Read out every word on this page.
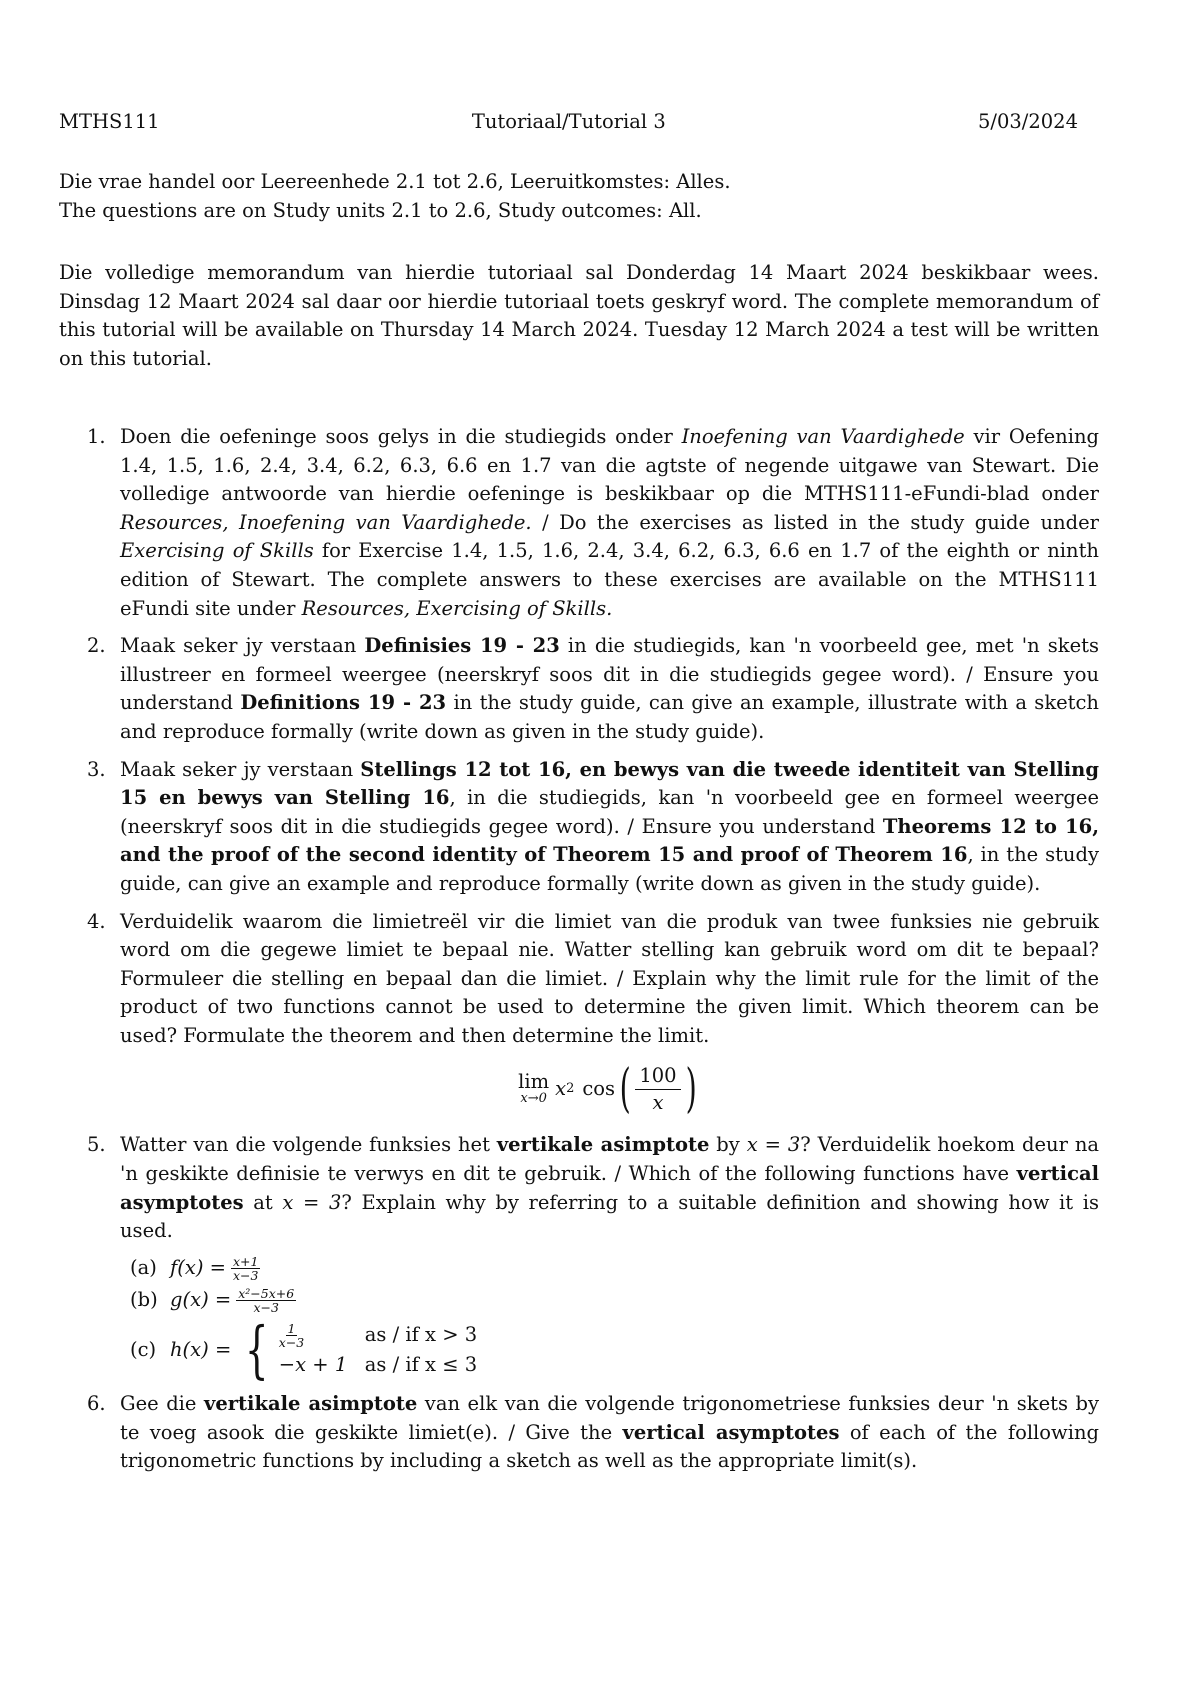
MTHS111	Tutoriaal/Tutorial 3	5/03/2024

Die vrae handel oor Leereenhede 2.1 tot 2.6, Leeruitkomstes: Alles.

The questions are on Study units 2.1 to 2.6, Study outcomes: All.

Die volledige memorandum van hierdie tutoriaal sal Donderdag 14 Maart 2024 beskikbaar wees. Dinsdag 12 Maart 2024 sal daar oor hierdie tutoriaal toets geskryf word. The complete memorandum of this tutorial will be available on Thursday 14 March 2024. Tuesday 12 March 2024 a test will be written on this tutorial.

1. Doen die oefeninge soos gelys in die studiegids onder Inoefening van Vaardighede vir Oefening 1.4, 1.5, 1.6, 2.4, 3.4, 6.2, 6.3, 6.6 en 1.7 van die agtste of negende uitgawe van Stewart. Die volledige antwoorde van hierdie oefeninge is beskikbaar op die MTHS111-eFundi-blad onder Resources, Inoefening van Vaardighede. / Do the exercises as listed in the study guide under Exercising of Skills for Exercise 1.4, 1.5, 1.6, 2.4, 3.4, 6.2, 6.3, 6.6 en 1.7 of the eighth or ninth edition of Stewart. The complete answers to these exercises are available on the MTHS111 eFundi site under Resources, Exercising of Skills.
2. Maak seker jy verstaan Definisies 19 - 23 in die studiegids, kan 'n voorbeeld gee, met 'n skets illustreer en formeel weergee (neerskryf soos dit in die studiegids gegee word). / Ensure you understand Definitions 19 - 23 in the study guide, can give an example, illustrate with a sketch and reproduce formally (write down as given in the study guide).
3. Maak seker jy verstaan Stellings 12 tot 16, en bewys van die tweede identiteit van Stelling 15 en bewys van Stelling 16, in die studiegids, kan 'n voorbeeld gee en formeel weergee (neerskryf soos dit in die studiegids gegee word). / Ensure you understand Theorems 12 to 16, and the proof of the second identity of Theorem 15 and proof of Theorem 16, in the study guide, can give an example and reproduce formally (write down as given in the study guide).
4. Verduidelik waarom die limietreël vir die limiet van die produk van twee funksies nie gebruik word om die gegewe limiet te bepaal nie. Watter stelling kan gebruik word om dit te bepaal? Formuleer die stelling en bepaal dan die limiet. / Explain why the limit rule for the limit of the product of two functions cannot be used to determine the given limit. Which theorem can be used? Formulate the theorem and then determine the limit.
lim
x→0 x 2 cos ( $\frac{100}{x}$ )
5. Watter van die volgende funksies het vertikale asimptote by x = 3? Verduidelik hoekom deur na 'n geskikte definisie te verwys en dit te gebruik. / Which of the following functions have vertical asymptotes at x = 3? Explain why by referring to a suitable definition and showing how it is used.
(a) $f(x) = \frac{x+1}{x-3}$
(b) $g(x) = \frac{\text{x²−5x+6}}{x-3}$
(c) h(x) = { $\frac{1}{x-3}$	as / if x > 3
−x + 1 as / if x ≤ 3
6. Gee die vertikale asimptote van elk van die volgende trigonometriese funksies deur 'n skets by te voeg asook die geskikte limiet(e). / Give the vertical asymptotes of each of the following trigonometric functions by including a sketch as well as the appropriate limit(s).
